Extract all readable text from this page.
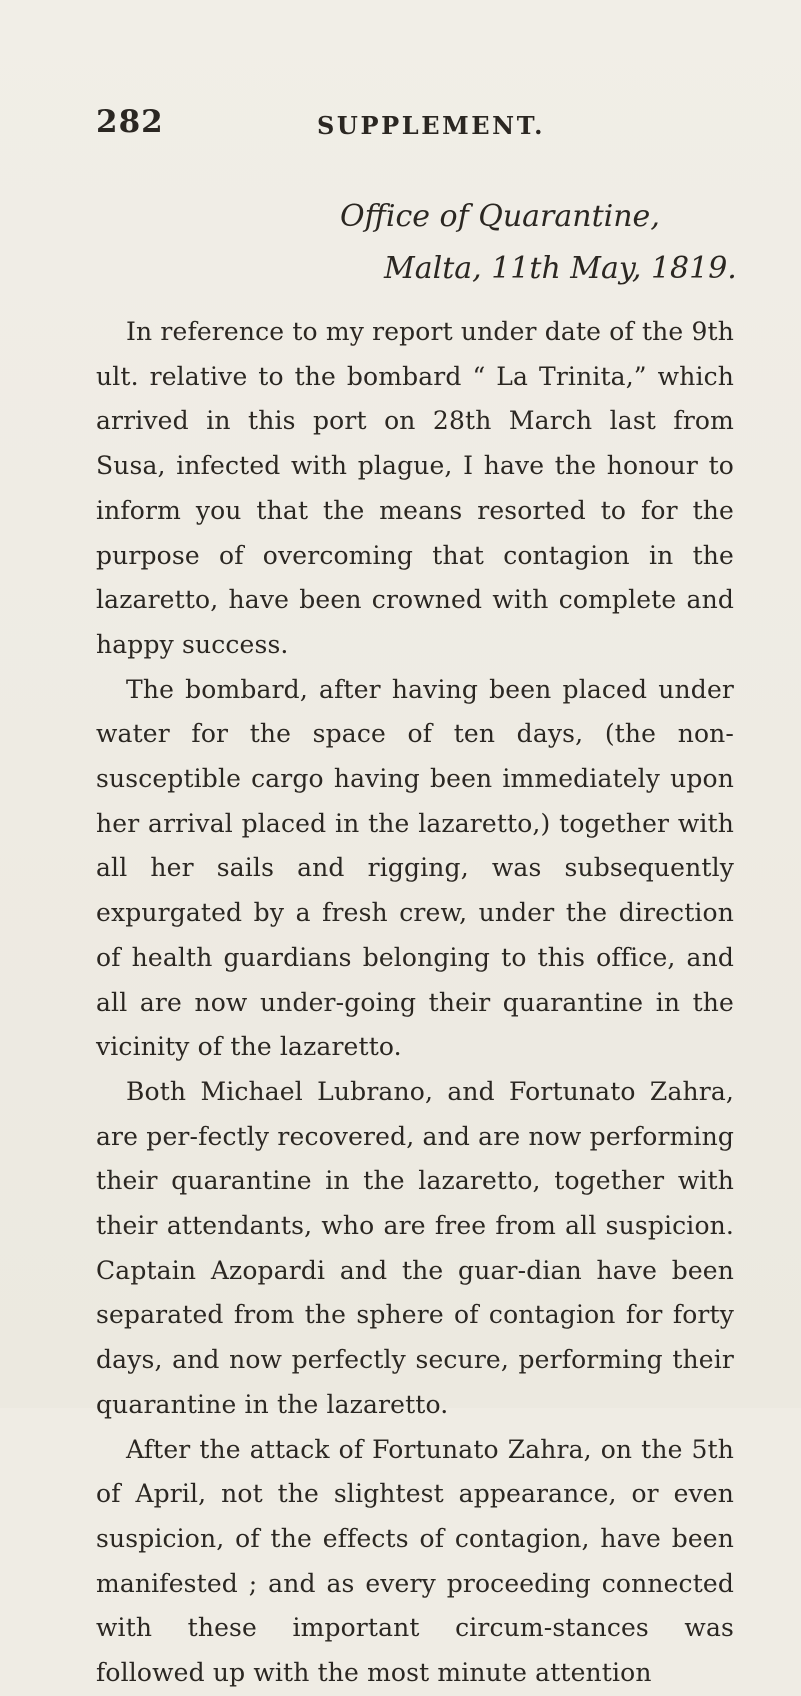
282	SUPPLEMENT.
Office of Quarantine,
Malta, 11th May, 1819.

In reference to my report under date of the 9th ult. relative to the bombard “ La Trinita,” which arrived in this port on 28th March last from Susa, infected with plague, I have the honour to inform you that the means resorted to for the purpose of overcoming that contagion in the lazaretto, have been crowned with complete and happy success.

The bombard, after having been placed under water for the space of ten days, (the non-susceptible cargo having been immediately upon her arrival placed in the lazaretto,) together with all her sails and rigging, was subsequently expurgated by a fresh crew, under the direction of health guardians belonging to this office, and all are now under-going their quarantine in the vicinity of the lazaretto.

Both Michael Lubrano, and Fortunato Zahra, are per-fectly recovered, and are now performing their quarantine in the lazaretto, together with their attendants, who are free from all suspicion. Captain Azopardi and the guar-dian have been separated from the sphere of contagion for forty days, and now perfectly secure, performing their quarantine in the lazaretto.

After the attack of Fortunato Zahra, on the 5th of April, not the slightest appearance, or even suspicion, of the effects of contagion, have been manifested ; and as every proceeding connected with these important circum-stances was followed up with the most minute attention
